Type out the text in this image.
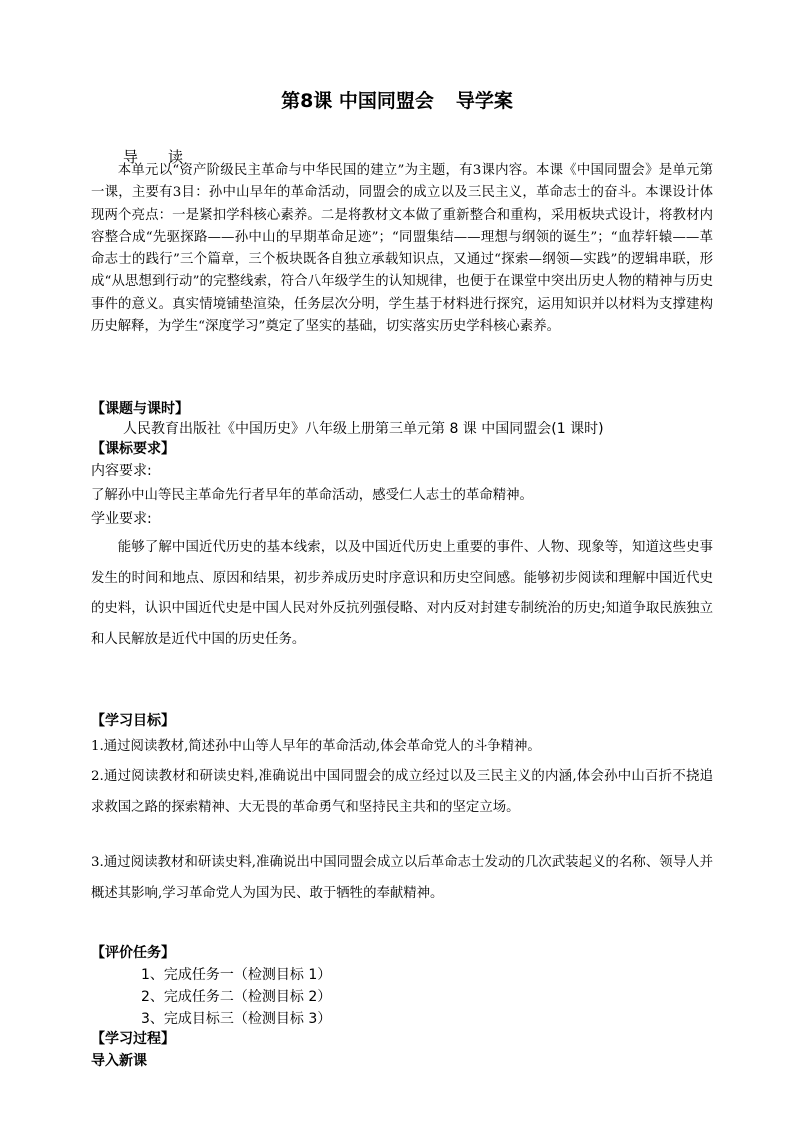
第8课 中国同盟会 导学案
导读
本单元以“资产阶级民主革命与中华民国的建立”为主题，有3课内容。本课《中国同盟会》是单元第一课，主要有3目：孙中山早年的革命活动，同盟会的成立以及三民主义，革命志士的奋斗。本课设计体现两个亮点：一是紧扣学科核心素养。二是将教材文本做了重新整合和重构，采用板块式设计，将教材内容整合成“先驱探路——孙中山的早期革命足迹”；“同盟集结——理想与纲领的诞生”；“血荐轩辕——革命志士的践行”三个篇章，三个板块既各自独立承载知识点，又通过“探索—纲领—实践”的逻辑串联，形成“从思想到行动”的完整线索，符合八年级学生的认知规律，也便于在课堂中突出历史人物的精神与历史事件的意义。真实情境铺垫渲染，任务层次分明，学生基于材料进行探究，运用知识并以材料为支撑建构历史解释，为学生“深度学习”奠定了坚实的基础，切实落实历史学科核心素养。
【课题与课时】
人民教育出版社《中国历史》八年级上册第三单元第 8 课 中国同盟会(1 课时)
【课标要求】
内容要求:
了解孙中山等民主革命先行者早年的革命活动，感受仁人志士的革命精神。
学业要求:
能够了解中国近代历史的基本线索，以及中国近代历史上重要的事件、人物、现象等，知道这些史事发生的时间和地点、原因和结果，初步养成历史时序意识和历史空间感。能够初步阅读和理解中国近代史的史料，认识中国近代史是中国人民对外反抗列强侵略、对内反对封建专制统治的历史;知道争取民族独立和人民解放是近代中国的历史任务。
【学习目标】
1.通过阅读教材,简述孙中山等人早年的革命活动,体会革命党人的斗争精神。
2.通过阅读教材和研读史料,准确说出中国同盟会的成立经过以及三民主义的内涵,体会孙中山百折不挠追求救国之路的探索精神、大无畏的革命勇气和坚持民主共和的坚定立场。
3.通过阅读教材和研读史料,准确说出中国同盟会成立以后革命志士发动的几次武装起义的名称、领导人并概述其影响,学习革命党人为国为民、敢于牺牲的奉献精神。
【评价任务】
1、完成任务一（检测目标 1）
2、完成任务二（检测目标 2）
3、完成目标三（检测目标 3）
【学习过程】
导入新课
